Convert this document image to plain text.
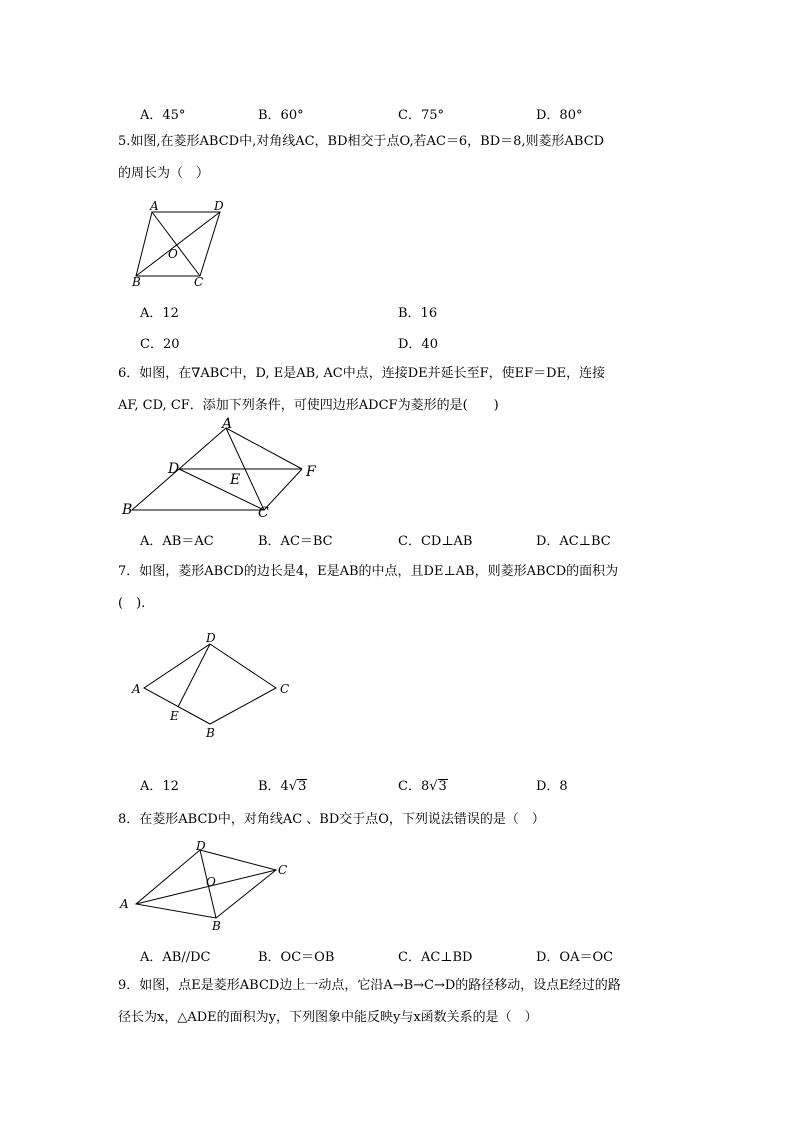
A．45°	B．60°	C．75°	D．80°
5.如图,在菱形ABCD中,对角线AC，BD相交于点O,若AC＝6，BD＝8,则菱形ABCD
的周长为（　）
A	D
O
B	C
A．12	B．16
C．20	D．40
6．如图，在∇ABC中，D, E是AB, AC中点，连接DE并延长至F，使EF＝DE，连接
AF, CD, CF．添加下列条件，可使四边形ADCF为菱形的是(　　)
A
D
E	F
B	C
A．AB＝AC	B．AC＝BC	C．CD⊥AB	D．AC⊥BC
7．如图，菱形ABCD的边长是4，E是AB的中点，且DE⊥AB，则菱形ABCD的面积为
(　).
D
A	C
E
B
A．12	B．4√3	C．8√3	D．8
8．在菱形ABCD中，对角线AC 、BD交于点O，下列说法错误的是（　）
D
C
O
A
B
A．AB//DC	B．OC＝OB	C．AC⊥BD	D．OA＝OC
9．如图，点E是菱形ABCD边上一动点，它沿A→B→C→D的路径移动，设点E经过的路
径长为x，△ADE的面积为y，下列图象中能反映y与x函数关系的是（　）
